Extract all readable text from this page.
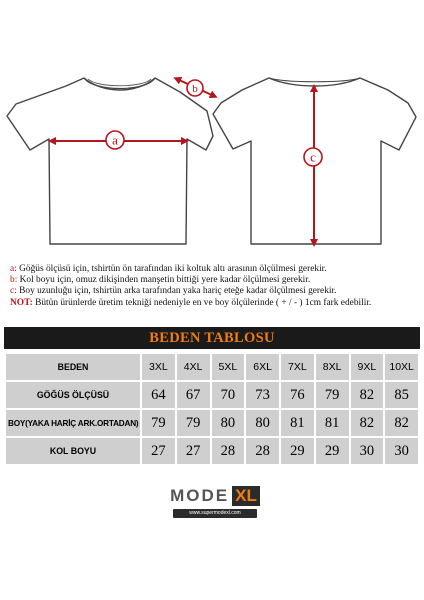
a
b
c
a: Göğüs ölçüsü için, tshirtün ön tarafından iki koltuk altı arasının ölçülmesi gerekir.
b: Kol boyu için, omuz dikişinden manşetin bittiği yere kadar ölçülmesi gerekir.
c: Boy uzunluğu için, tshirtün arka tarafından yaka hariç eteğe kadar ölçülmesi gerekir.
NOT: Bütün ürünlerde üretim tekniği nedeniyle en ve boy ölçülerinde ( + / - ) 1cm fark edebilir.
BEDEN TABLOSU
BEDEN	3XL	4XL	5XL	6XL	7XL	8XL	9XL	10XL
GÖĞÜS ÖLÇÜSÜ	64	67	70	73	76	79	82	85
BOY(YAKA HARİÇ ARK.ORTADAN)	79	79	80	80	81	81	82	82
KOL BOYU	27	27	28	28	29	29	30	30
MODE XL
www.supermodexl.com
